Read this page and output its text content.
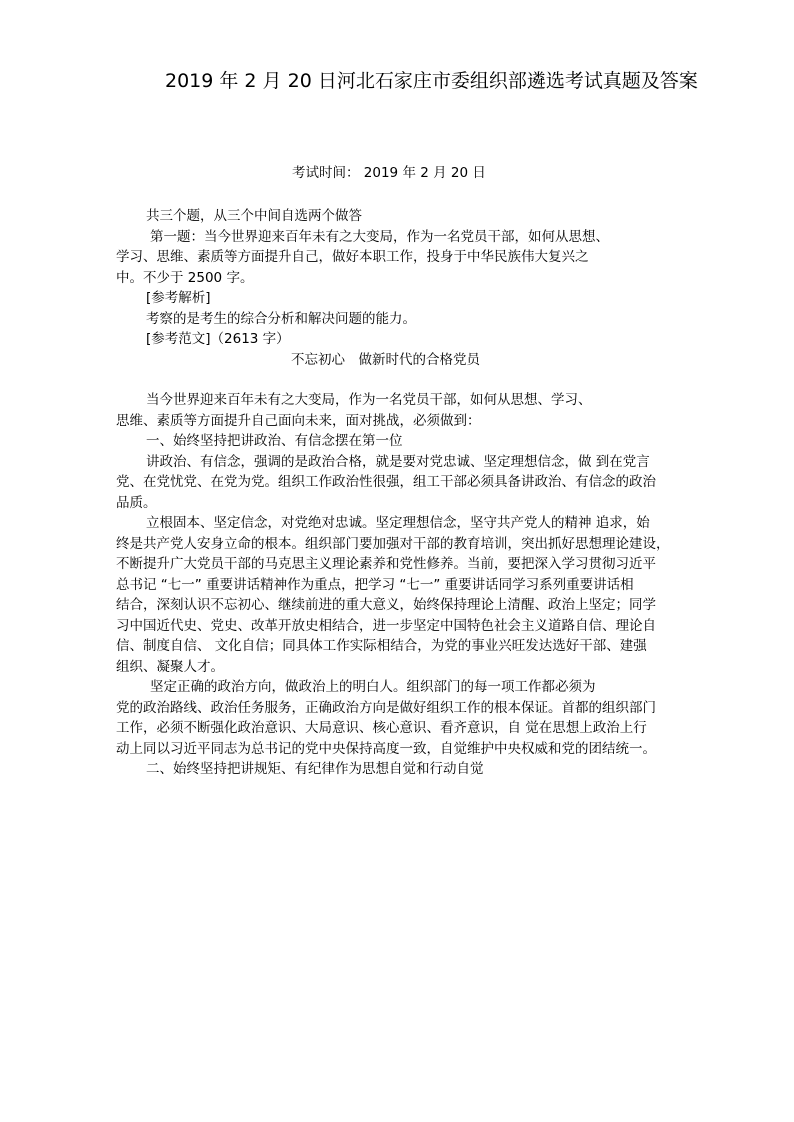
2019 年 2 月 20 日河北石家庄市委组织部遴选考试真题及答案
考试时间： 2019 年 2 月 20 日
共三个题，从三个中间自选两个做答
第一题：当今世界迎来百年未有之大变局，作为一名党员干部，如何从思想、
学习、思维、素质等方面提升自己，做好本职工作，投身于中华民族伟大复兴之
中。不少于 2500 字。
[参考解析]
考察的是考生的综合分析和解决问题的能力。
[参考范文]（2613 字）
不忘初心　做新时代的合格党员
当今世界迎来百年未有之大变局，作为一名党员干部，如何从思想、学习、
思维、素质等方面提升自己面向未来，面对挑战，必须做到：
一、始终坚持把讲政治、有信念摆在第一位
讲政治、有信念，强调的是政治合格，就是要对党忠诚、坚定理想信念，做 到在党言
党、在党忧党、在党为党。组织工作政治性很强，组工干部必须具备讲政治、有信念的政治
品质。
立根固本、坚定信念，对党绝对忠诚。坚定理想信念，坚守共产党人的精神 追求，始
终是共产党人安身立命的根本。组织部门要加强对干部的教育培训，突出抓好思想理论建设，
不断提升广大党员干部的马克思主义理论素养和党性修养。当前，要把深入学习贯彻习近平
总书记 “七一” 重要讲话精神作为重点，把学习 “七一” 重要讲话同学习系列重要讲话相
结合，深刻认识不忘初心、继续前进的重大意义，始终保持理论上清醒、政治上坚定；同学
习中国近代史、党史、改革开放史相结合，进一步坚定中国特色社会主义道路自信、理论自
信、制度自信、 文化自信；同具体工作实际相结合，为党的事业兴旺发达选好干部、建强
组织、凝聚人才。
坚定正确的政治方向，做政治上的明白人。组织部门的每一项工作都必须为
党的政治路线、政治任务服务，正确政治方向是做好组织工作的根本保证。首都的组织部门
工作，必须不断强化政治意识、大局意识、核心意识、看齐意识，自 觉在思想上政治上行
动上同以习近平同志为总书记的党中央保持高度一致，自觉维护中央权威和党的团结统一。
二、始终坚持把讲规矩、有纪律作为思想自觉和行动自觉
